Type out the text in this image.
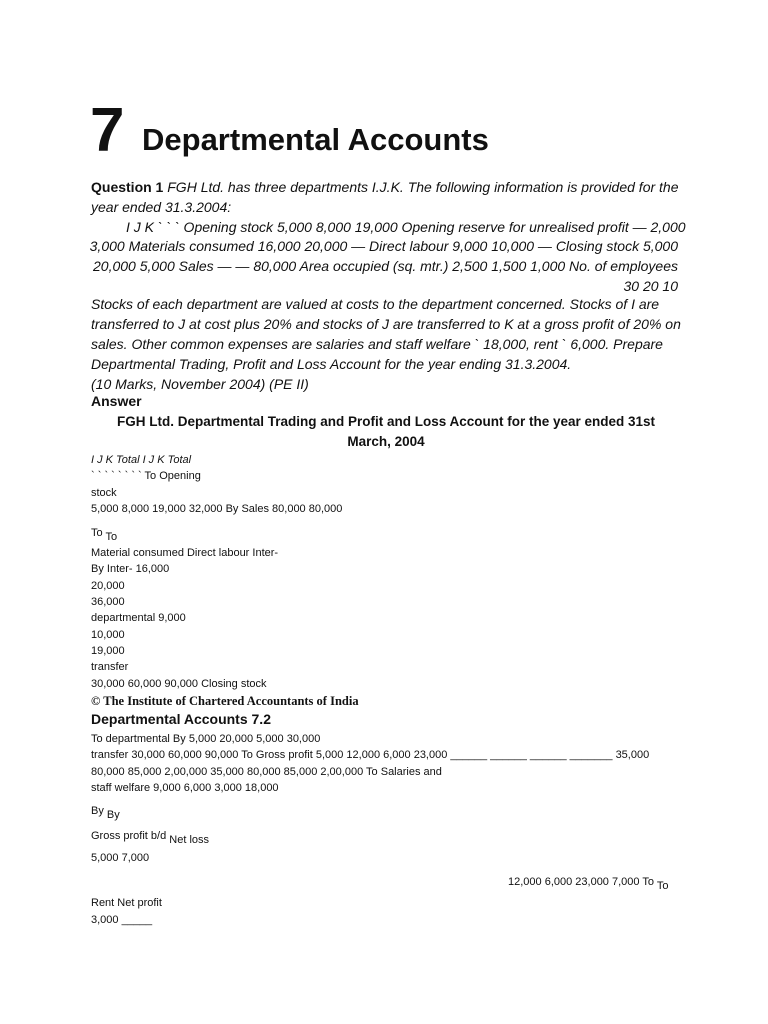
7 Departmental Accounts
Question 1 FGH Ltd. has three departments I.J.K. The following information is provided for the
year ended 31.3.2004:
I J K ` ` ` Opening stock 5,000 8,000 19,000 Opening reserve for unrealised profit — 2,000
3,000 Materials consumed 16,000 20,000 — Direct labour 9,000 10,000 — Closing stock 5,000
20,000 5,000 Sales — — 80,000 Area occupied (sq. mtr.) 2,500 1,500 1,000 No. of employees
30 20 10
Stocks of each department are valued at costs to the department concerned. Stocks of I are
transferred to J at cost plus 20% and stocks of J are transferred to K at a gross profit of 20% on
sales. Other common expenses are salaries and staff welfare ` 18,000, rent ` 6,000. Prepare
Departmental Trading, Profit and Loss Account for the year ending 31.3.2004.
(10 Marks, November 2004) (PE II)
Answer
FGH Ltd. Departmental Trading and Profit and Loss Account for the year ended 31st
March, 2004
I J K Total I J K Total
` ` ` ` ` ` ` ` To Opening
stock
5,000 8,000 19,000 32,000 By Sales 80,000 80,000
To To
Material consumed Direct labour Inter-
By Inter- 16,000
20,000
36,000
departmental 9,000
10,000
19,000
transfer
30,000 60,000 90,000 Closing stock
© The Institute of Chartered Accountants of India
Departmental Accounts 7.2
To departmental By 5,000 20,000 5,000 30,000
transfer 30,000 60,000 90,000 To Gross profit 5,000 12,000 6,000 23,000 ______ ______ ______ _______ 35,000
80,000 85,000 2,00,000 35,000 80,000 85,000 2,00,000 To Salaries and
staff welfare 9,000 6,000 3,000 18,000
By By
Gross profit b/d Net loss
5,000 7,000
12,000 6,000 23,000 7,000 To To
Rent Net profit
3,000 _____
